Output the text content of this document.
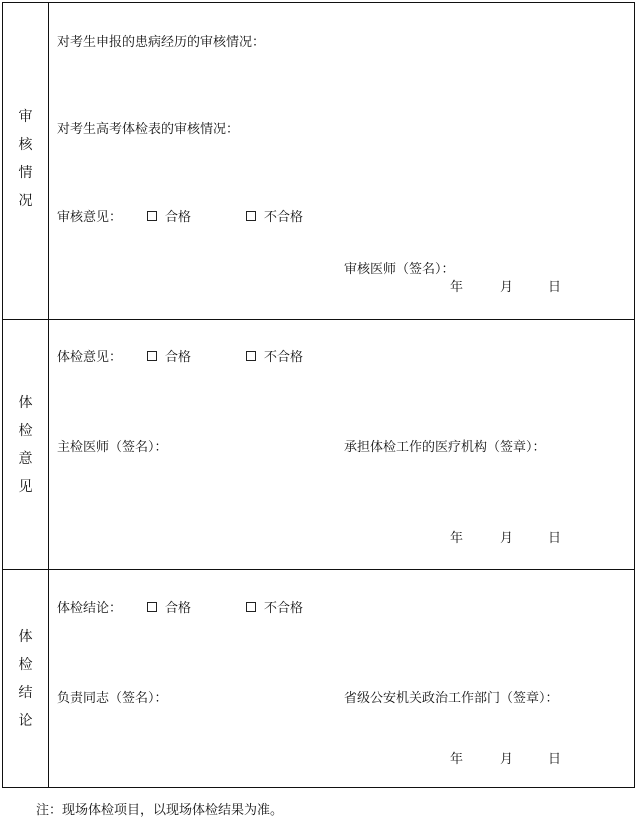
审
核
情
况
对考生申报的患病经历的审核情况：
对考生高考体检表的审核情况：
审核意见：	合格	不合格
审核医师（签名）：
年	月	日
体
检
意
见
体检意见：	合格	不合格
主检医师（签名）：	承担体检工作的医疗机构（签章）：
年	月	日
体
检
结
论
体检结论：	合格	不合格
负责同志（签名）：	省级公安机关政治工作部门（签章）：
年	月	日
注：现场体检项目，以现场体检结果为准。
